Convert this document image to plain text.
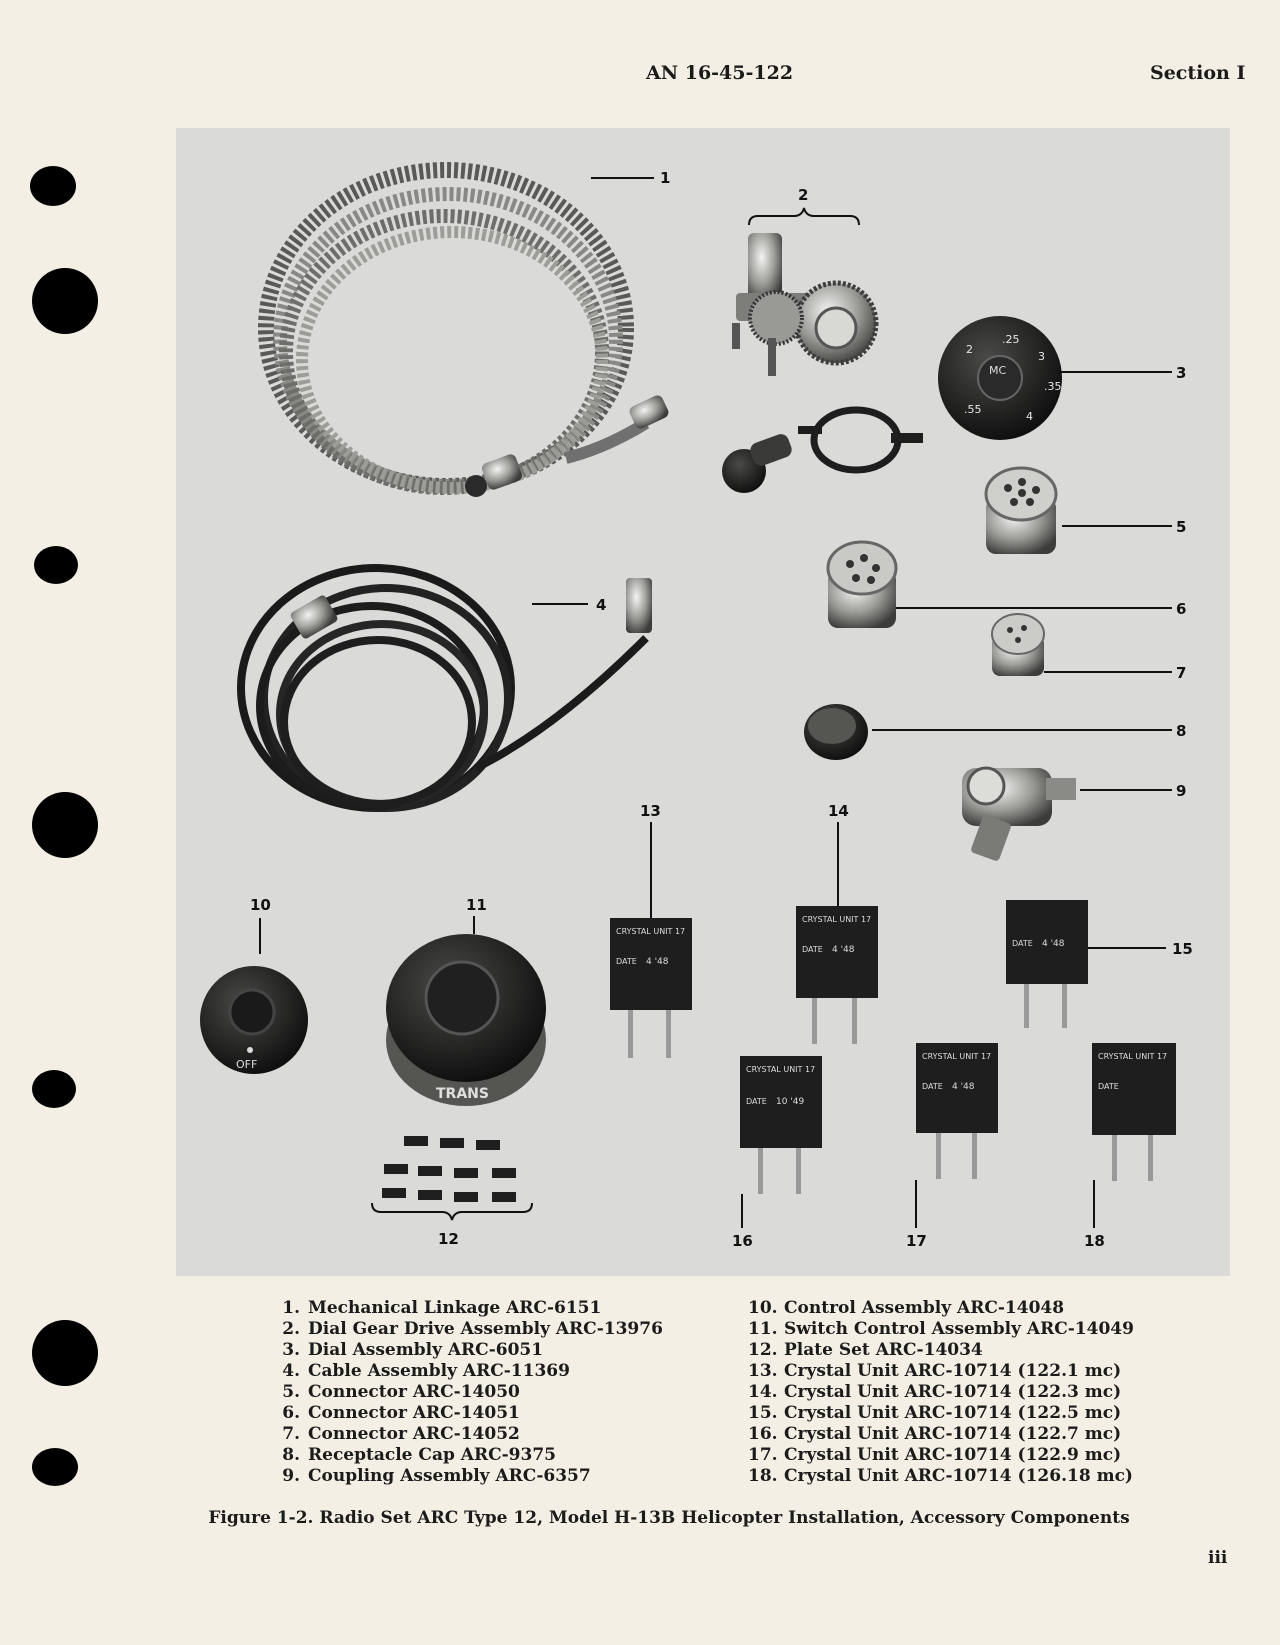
AN 16-45-122	Section I
MC
2
.25
3
.35
4
.55
OFF
TRANS
CRYSTAL UNIT 17
DATE 4 '48
CRYSTAL UNIT 17
DATE 4 '48
DATE 4 '48
CRYSTAL UNIT 17
DATE 10 '49
CRYSTAL UNIT 17
DATE 4 '48
CRYSTAL UNIT 17
DATE
1
2
3
4
5
6
7
8
9
10	11
12
13	14
15
16	17	18
1. Mechanical Linkage ARC-6151
2. Dial Gear Drive Assembly ARC-13976
3. Dial Assembly ARC-6051
4. Cable Assembly ARC-11369
5. Connector ARC-14050
6. Connector ARC-14051
7. Connector ARC-14052
8. Receptacle Cap ARC-9375
9. Coupling Assembly ARC-6357
10. Control Assembly ARC-14048
11. Switch Control Assembly ARC-14049
12. Plate Set ARC-14034
13. Crystal Unit ARC-10714 (122.1 mc)
14. Crystal Unit ARC-10714 (122.3 mc)
15. Crystal Unit ARC-10714 (122.5 mc)
16. Crystal Unit ARC-10714 (122.7 mc)
17. Crystal Unit ARC-10714 (122.9 mc)
18. Crystal Unit ARC-10714 (126.18 mc)
Figure 1-2. Radio Set ARC Type 12, Model H-13B Helicopter Installation, Accessory Components
iii
